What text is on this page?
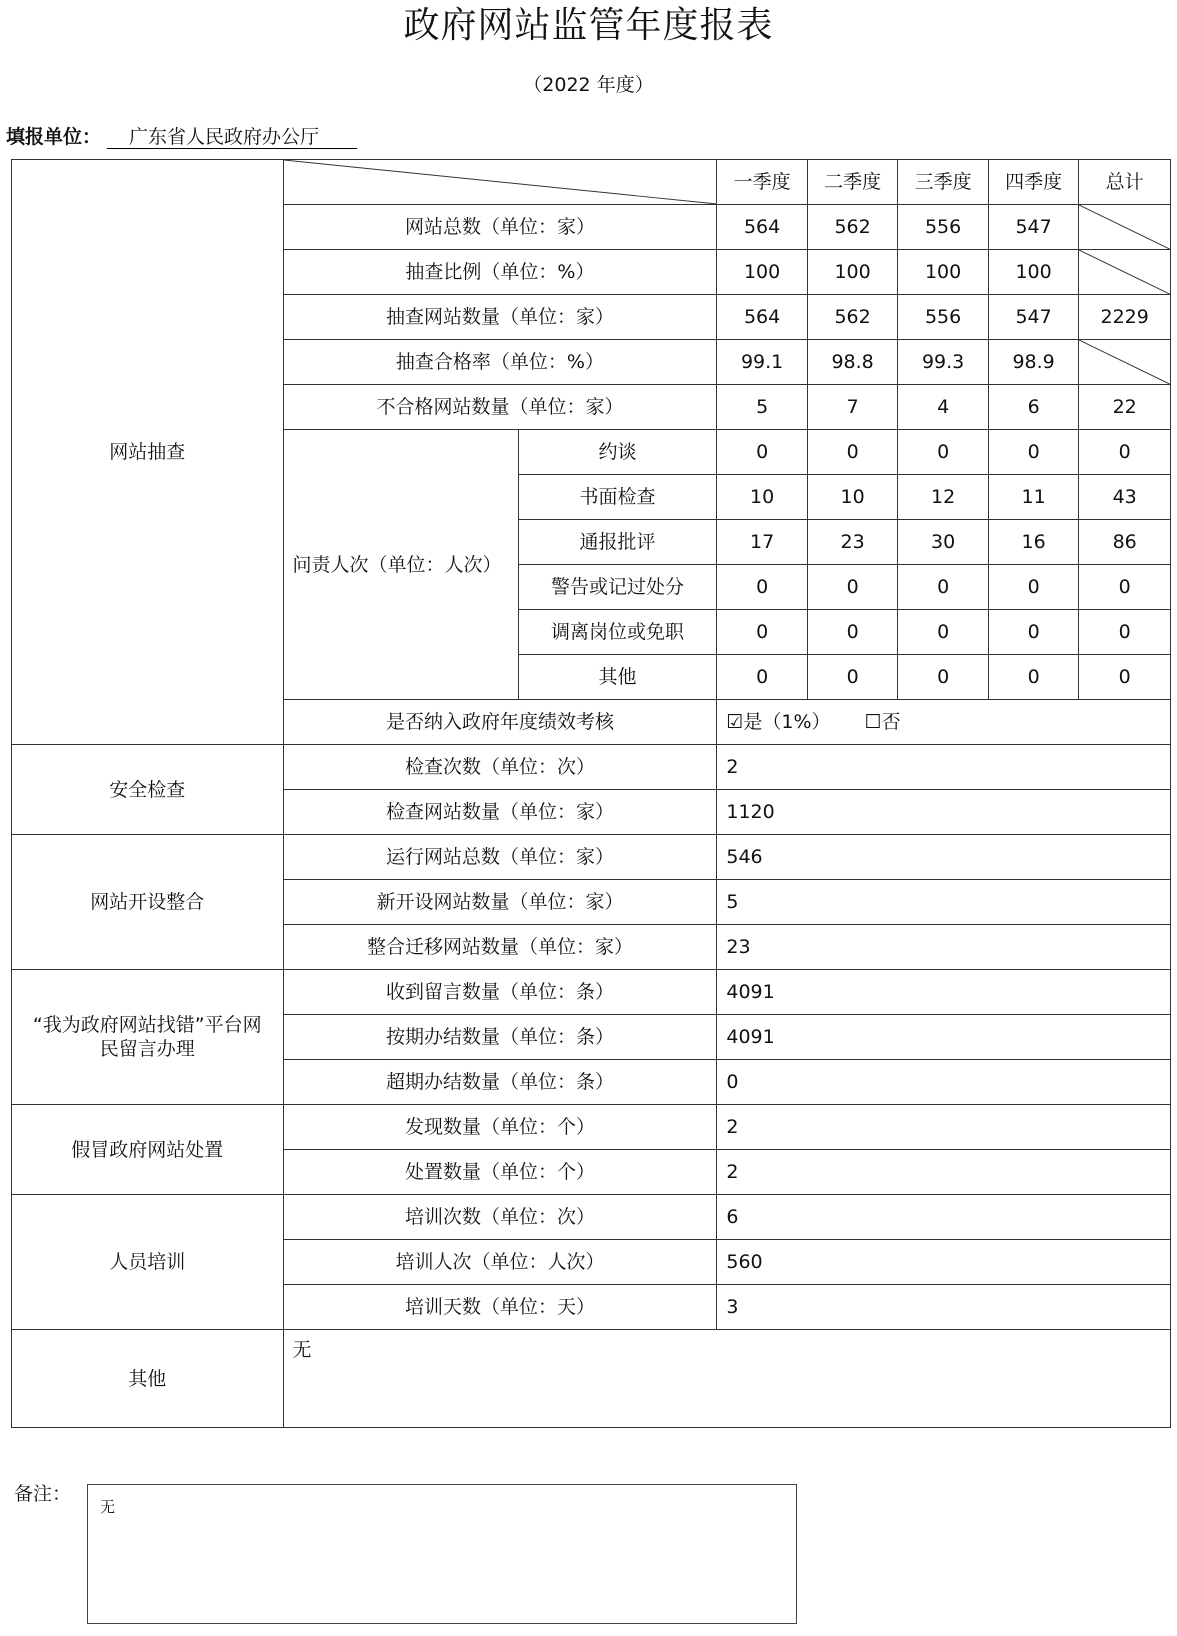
政府网站监管年度报表
（2022 年度）
填报单位： 广东省人民政府办公厅
网站抽查			一季度	二季度	三季度	四季度	总计
	网站总数（单位：家）		564	562	556	547	

	抽查比例（单位：%）		100	100	100	100	

	抽查网站数量（单位：家）		564	562	556	547	2229
	抽查合格率（单位：%）		99.1	98.8	99.3	98.9	

	不合格网站数量（单位：家）		5	7	4	6	22
	问责人次（单位：人次）	约谈	0	0	0	0	0
		书面检查	10	10	12	11	43
		通报批评	17	23	30	16	86
		警告或记过处分	0	0	0	0	0
		调离岗位或免职	0	0	0	0	0
		其他	0	0	0	0	0
	是否纳入政府年度绩效考核		☑是（1%） ☐否				
安全检查	检查次数（单位：次）		2				
	检查网站数量（单位：家）		1120				
网站开设整合	运行网站总数（单位：家）		546				
	新开设网站数量（单位：家）		5				
	整合迁移网站数量（单位：家）		23				
“我为政府网站找错”平台网民留言办理	收到留言数量（单位：条）		4091				
	按期办结数量（单位：条）		4091				
	超期办结数量（单位：条）		0				
假冒政府网站处置	发现数量（单位：个）		2				
	处置数量（单位：个）		2				
人员培训	培训次数（单位：次）		6				
	培训人次（单位：人次）		560				
	培训天数（单位：天）		3				
其他	无						
备注：
无
